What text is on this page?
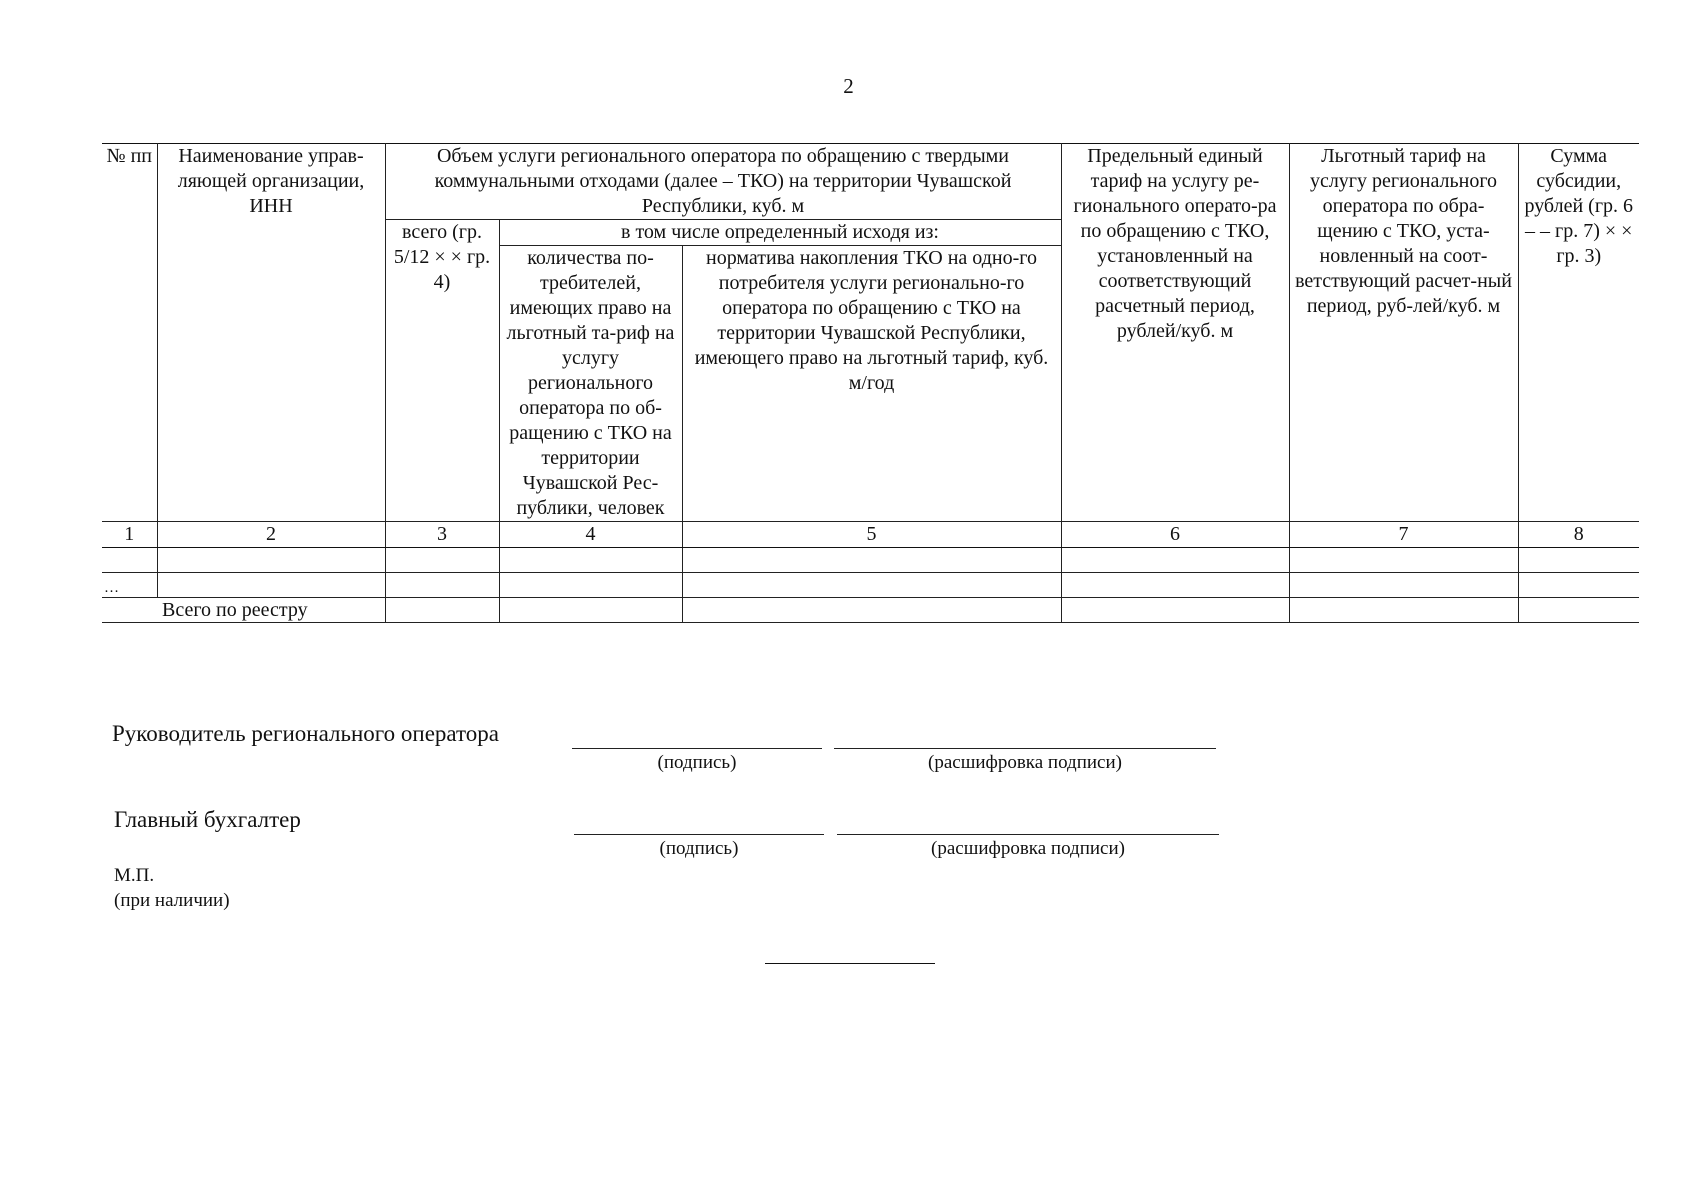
2
№ пп	Наименование управ-ляющей организации, ИНН	Объем услуги регионального оператора по обращению с твердыми коммунальными отходами (далее – ТКО) на территории Чувашской Республики, куб. м			Предельный единый тариф на услугу ре-гионального операто-ра по обращению с ТКО, установленный на соответствующий расчетный период, рублей/куб. м	Льготный тариф на услугу регионального оператора по обра-щению с ТКО, уста-новленный на соот-ветствующий расчет-ный период, руб-лей/куб. м	Сумма субсидии, рублей (гр. 6 – – гр. 7) × × гр. 3)
		всего (гр. 5/12 × × гр. 4)	в том числе определенный исходя из:				
			количества по-требителей, имеющих право на льготный та-риф на услугу регионального оператора по об-ращению с ТКО на территории Чувашской Рес-публики, человек	норматива накопления ТКО на одно-го потребителя услуги регионально-го оператора по обращению с ТКО на территории Чувашской Республики, имеющего право на льготный тариф, куб. м/год			
1	2	3	4	5	6	7	8

…							
Всего по реестру							
Руководитель регионального оператора
(подпись)	(расшифровка подписи)
Главный бухгалтер
(подпись)	(расшифровка подписи)
М.П.
(при наличии)
